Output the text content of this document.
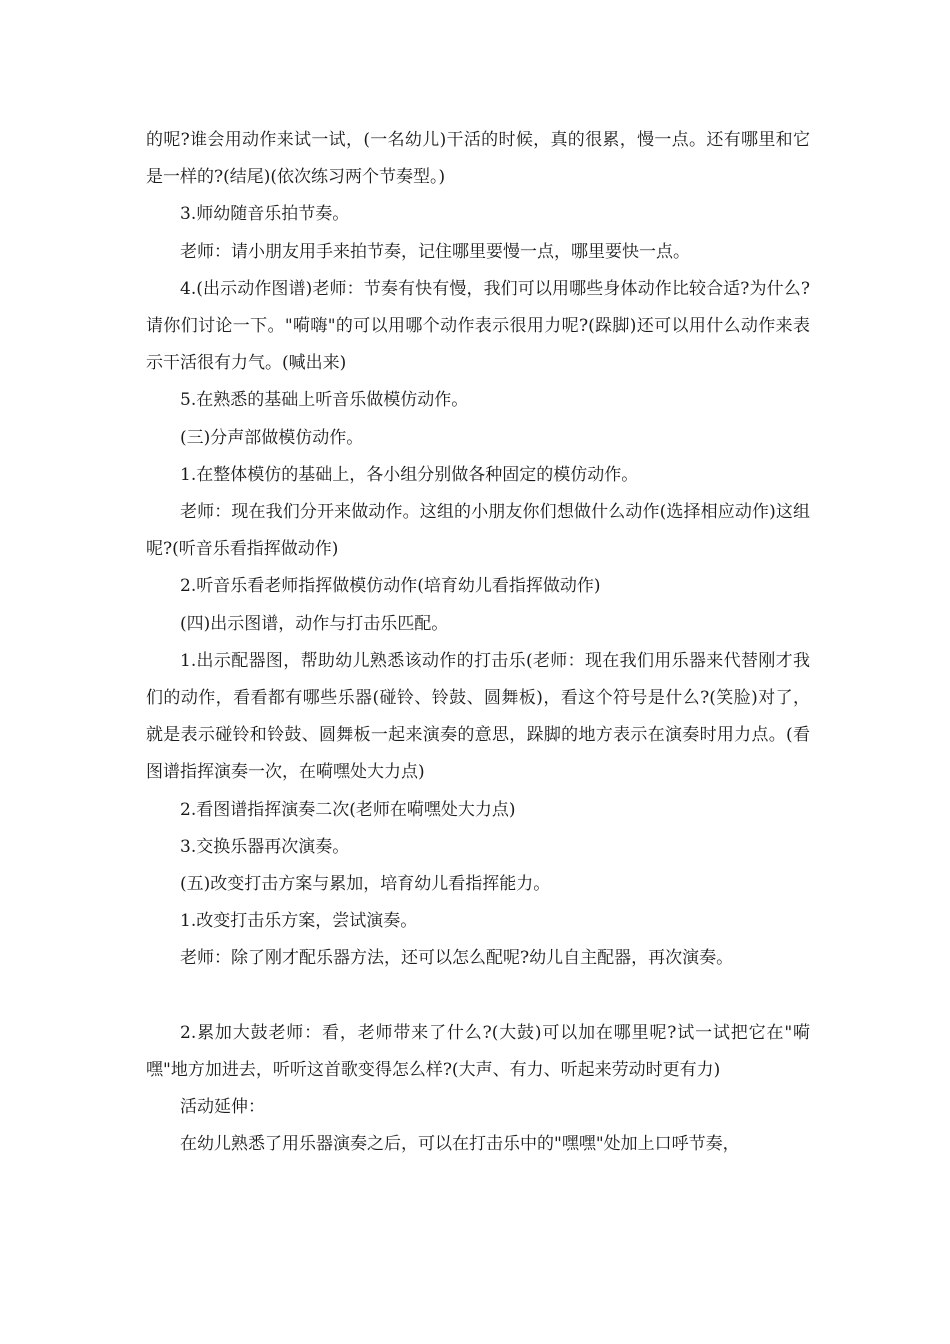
的呢?谁会用动作来试一试，(一名幼儿)干活的时候，真的很累，慢一点。还有哪里和它是一样的?(结尾)(依次练习两个节奏型。)

3.师幼随音乐拍节奏。

老师：请小朋友用手来拍节奏，记住哪里要慢一点，哪里要快一点。

4.(出示动作图谱)老师：节奏有快有慢，我们可以用哪些身体动作比较合适?为什么?请你们讨论一下。"嗬嗨"的可以用哪个动作表示很用力呢?(跺脚)还可以用什么动作来表示干活很有力气。(喊出来)

5.在熟悉的基础上听音乐做模仿动作。

(三)分声部做模仿动作。

1.在整体模仿的基础上，各小组分别做各种固定的模仿动作。

老师：现在我们分开来做动作。这组的小朋友你们想做什么动作(选择相应动作)这组呢?(听音乐看指挥做动作)

2.听音乐看老师指挥做模仿动作(培育幼儿看指挥做动作)

(四)出示图谱，动作与打击乐匹配。

1.出示配器图，帮助幼儿熟悉该动作的打击乐(老师：现在我们用乐器来代替刚才我们的动作，看看都有哪些乐器(碰铃、铃鼓、圆舞板)，看这个符号是什么?(笑脸)对了，就是表示碰铃和铃鼓、圆舞板一起来演奏的意思，跺脚的地方表示在演奏时用力点。(看图谱指挥演奏一次，在嗬嘿处大力点)

2.看图谱指挥演奏二次(老师在嗬嘿处大力点)

3.交换乐器再次演奏。

(五)改变打击方案与累加，培育幼儿看指挥能力。

1.改变打击乐方案，尝试演奏。

老师：除了刚才配乐器方法，还可以怎么配呢?幼儿自主配器，再次演奏。

2.累加大鼓老师：看，老师带来了什么?(大鼓)可以加在哪里呢?试一试把它在"嗬嘿"地方加进去，听听这首歌变得怎么样?(大声、有力、听起来劳动时更有力)

活动延伸：

在幼儿熟悉了用乐器演奏之后，可以在打击乐中的"嘿嘿"处加上口呼节奏，
